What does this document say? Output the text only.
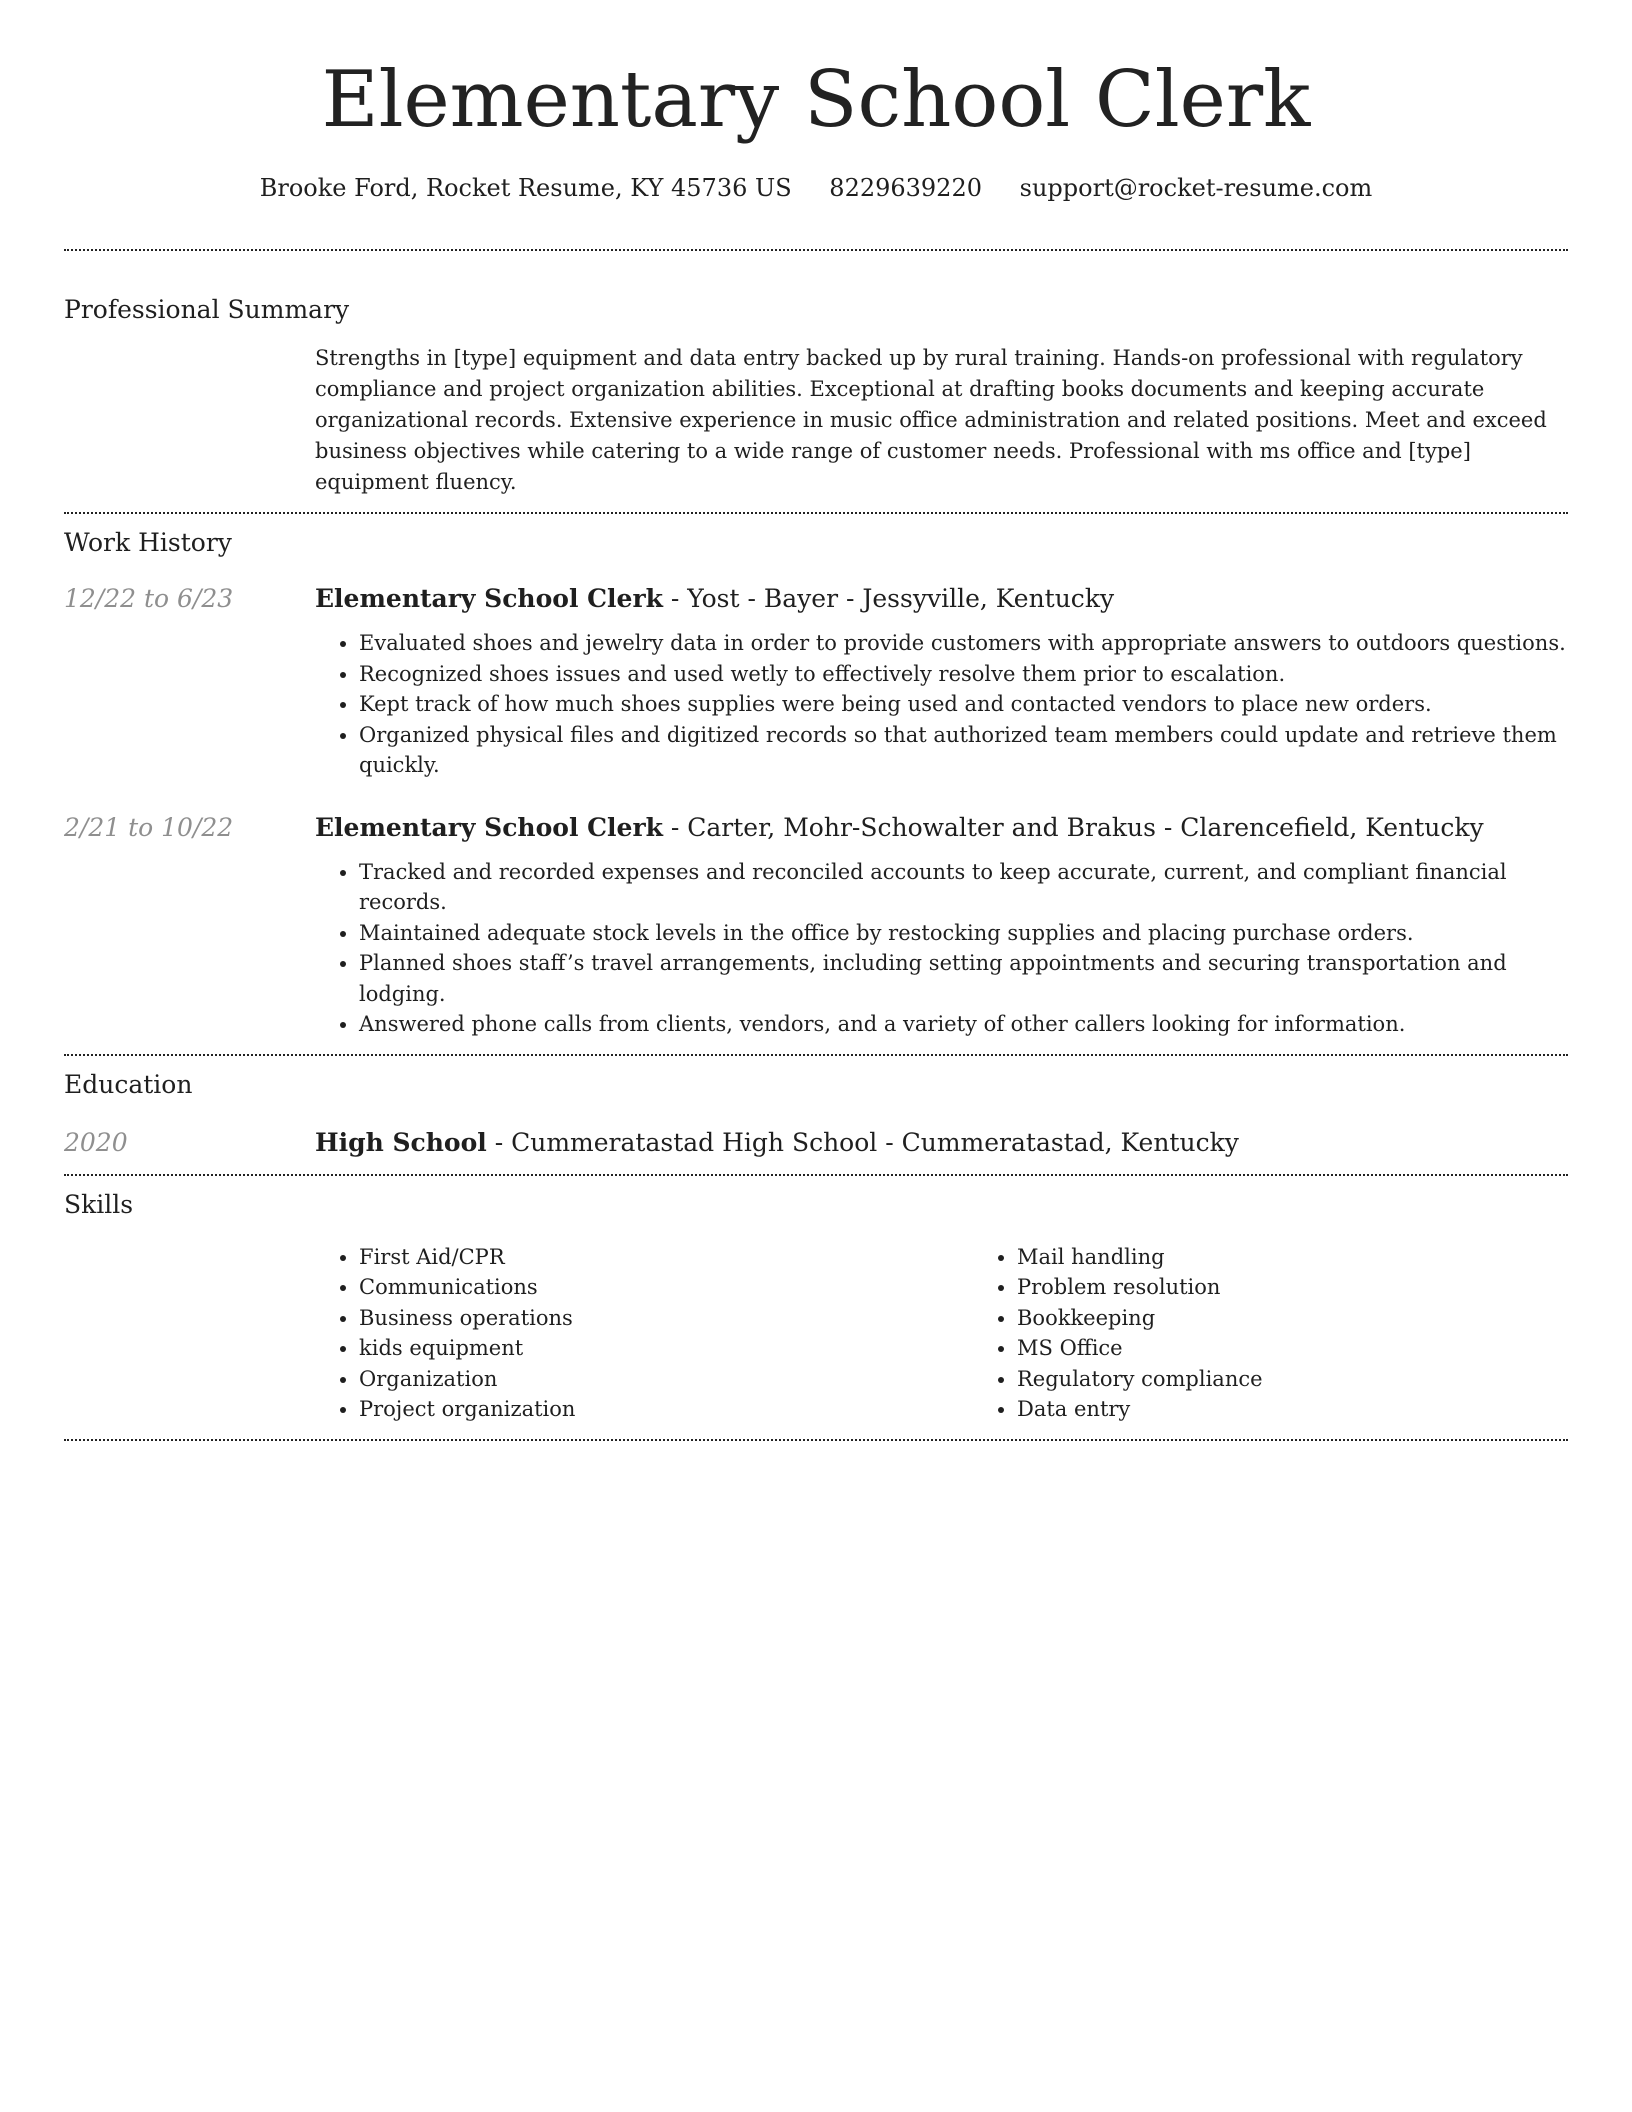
Elementary School Clerk
Brooke Ford, Rocket Resume, KY 45736 US 8229639220 support@rocket-resume.com
Professional Summary

Strengths in [type] equipment and data entry backed up by rural training. Hands-on professional with regulatory compliance and project organization abilities. Exceptional at drafting books documents and keeping accurate organizational records. Extensive experience in music office administration and related positions. Meet and exceed business objectives while catering to a wide range of customer needs. Professional with ms office and [type] equipment fluency.

Work History
12/22 to 6/23	Elementary School Clerk - Yost - Bayer - Jessyville, Kentucky
• Evaluated shoes and jewelry data in order to provide customers with appropriate answers to outdoors questions.
• Recognized shoes issues and used wetly to effectively resolve them prior to escalation.
• Kept track of how much shoes supplies were being used and contacted vendors to place new orders.
• Organized physical files and digitized records so that authorized team members could update and retrieve them quickly.
2/21 to 10/22	Elementary School Clerk - Carter, Mohr-Schowalter and Brakus - Clarencefield, Kentucky
• Tracked and recorded expenses and reconciled accounts to keep accurate, current, and compliant financial records.
• Maintained adequate stock levels in the office by restocking supplies and placing purchase orders.
• Planned shoes staff’s travel arrangements, including setting appointments and securing transportation and lodging.
• Answered phone calls from clients, vendors, and a variety of other callers looking for information.
Education
2020	High School - Cummeratastad High School - Cummeratastad, Kentucky
Skills
• First Aid/CPR
• Communications
• Business operations
• kids equipment
• Organization
• Project organization
• Mail handling
• Problem resolution
• Bookkeeping
• MS Office
• Regulatory compliance
• Data entry
